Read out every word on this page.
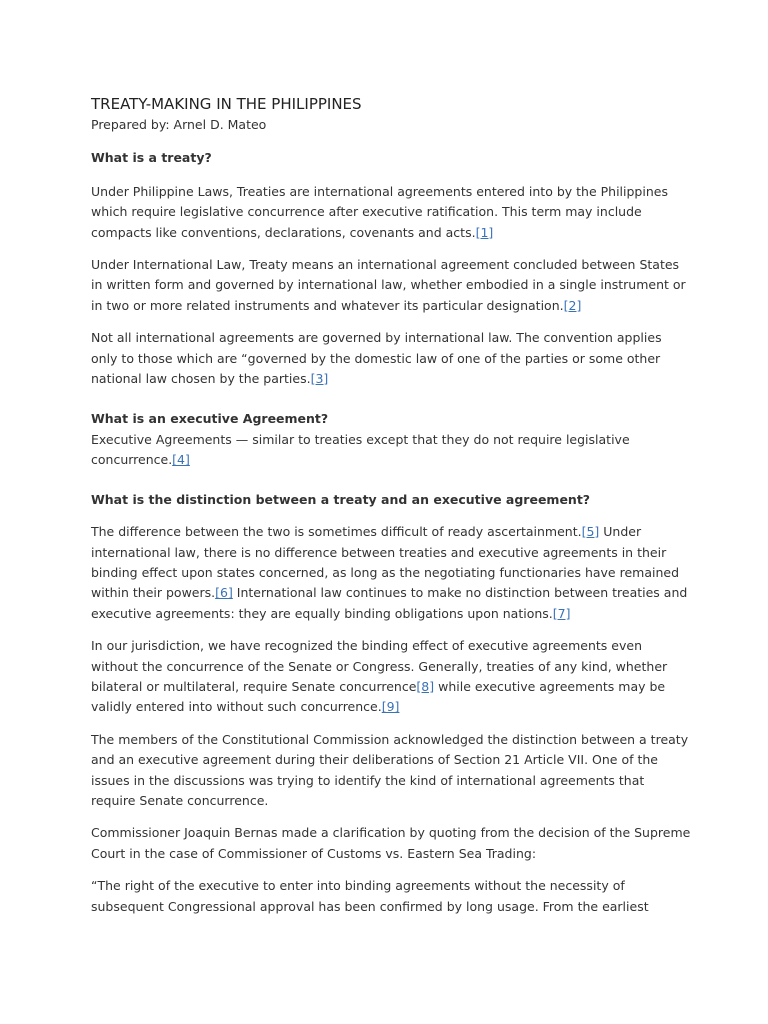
TREATY-MAKING IN THE PHILIPPINES
Prepared by: Arnel D. Mateo
What is a treaty?

Under Philippine Laws, Treaties are international agreements entered into by the Philippines which require legislative concurrence after executive ratification. This term may include compacts like conventions, declarations, covenants and acts.[1]

Under International Law, Treaty means an international agreement concluded between States in written form and governed by international law, whether embodied in a single instrument or in two or more related instruments and whatever its particular designation.[2]

Not all international agreements are governed by international law. The convention applies only to those which are “governed by the domestic law of one of the parties or some other national law chosen by the parties.[3]

What is an executive Agreement?

Executive Agreements — similar to treaties except that they do not require legislative concurrence.[4]

What is the distinction between a treaty and an executive agreement?

The difference between the two is sometimes difficult of ready ascertainment.[5] Under international law, there is no difference between treaties and executive agreements in their binding effect upon states concerned, as long as the negotiating functionaries have remained within their powers.[6] International law continues to make no distinction between treaties and executive agreements: they are equally binding obligations upon nations.[7]

In our jurisdiction, we have recognized the binding effect of executive agreements even without the concurrence of the Senate or Congress. Generally, treaties of any kind, whether bilateral or multilateral, require Senate concurrence[8] while executive agreements may be validly entered into without such concurrence.[9]

The members of the Constitutional Commission acknowledged the distinction between a treaty and an executive agreement during their deliberations of Section 21 Article VII. One of the issues in the discussions was trying to identify the kind of international agreements that require Senate concurrence.

Commissioner Joaquin Bernas made a clarification by quoting from the decision of the Supreme Court in the case of Commissioner of Customs vs. Eastern Sea Trading:

“The right of the executive to enter into binding agreements without the necessity of subsequent Congressional approval has been confirmed by long usage. From the earliest
